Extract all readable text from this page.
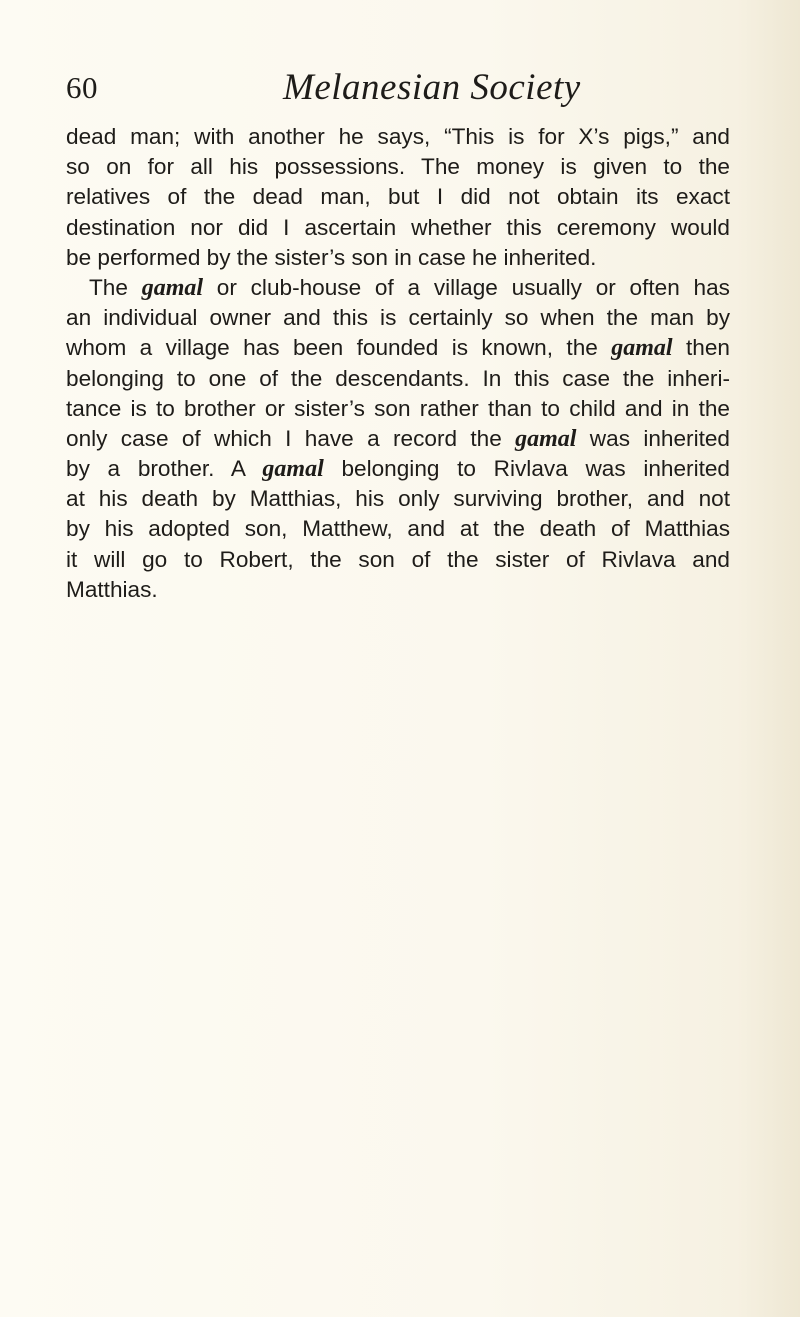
60	Melanesian Society
dead man; with another he says, “This is for X’s pigs,” and
so on for all his possessions. The money is given to the
relatives of the dead man, but I did not obtain its exact
destination nor did I ascertain whether this ceremony would
be performed by the sister’s son in case he inherited.
The gamal or club-house of a village usually or often has
an individual owner and this is certainly so when the man by
whom a village has been founded is known, the gamal then
belonging to one of the descendants. In this case the inheri-
tance is to brother or sister’s son rather than to child and in the
only case of which I have a record the gamal was inherited
by a brother. A gamal belonging to Rivlava was inherited
at his death by Matthias, his only surviving brother, and not
by his adopted son, Matthew, and at the death of Matthias
it will go to Robert, the son of the sister of Rivlava and
Matthias.
